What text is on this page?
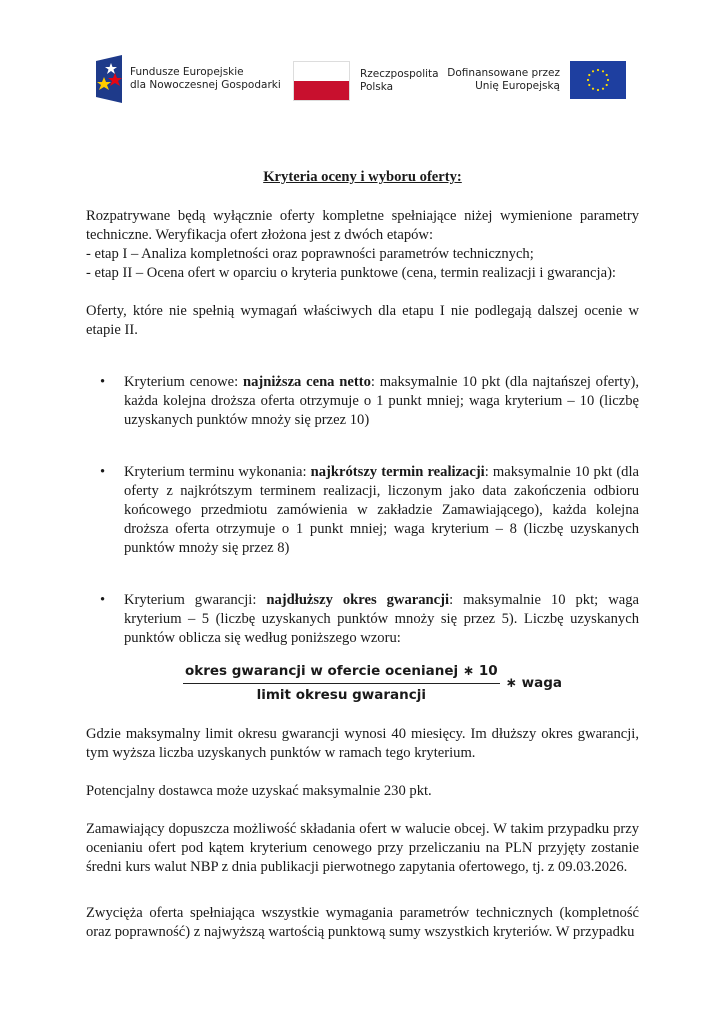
Fundusze Europejskie
dla Nowoczesnej Gospodarki
Rzeczpospolita
Polska
Dofinansowane przez
Unię Europejską
Kryteria oceny i wyboru oferty:

Rozpatrywane będą wyłącznie oferty kompletne spełniające niżej wymienione parametry techniczne. Weryfikacja ofert złożona jest z dwóch etapów:

- etap I – Analiza kompletności oraz poprawności parametrów technicznych;

- etap II – Ocena ofert w oparciu o kryteria punktowe (cena, termin realizacji i gwarancja):

Oferty, które nie spełnią wymagań właściwych dla etapu I nie podlegają dalszej ocenie w etapie II.

• Kryterium cenowe: najniższa cena netto: maksymalnie 10 pkt (dla najtańszej oferty), każda kolejna droższa oferta otrzymuje o 1 punkt mniej; waga kryterium – 10 (liczbę uzyskanych punktów mnoży się przez 10)
• Kryterium terminu wykonania: najkrótszy termin realizacji: maksymalnie 10 pkt (dla oferty z najkrótszym terminem realizacji, liczonym jako data zakończenia odbioru końcowego przedmiotu zamówienia w zakładzie Zamawiającego), każda kolejna droższa oferta otrzymuje o 1 punkt mniej; waga kryterium – 8 (liczbę uzyskanych punktów mnoży się przez 8)
• Kryterium gwarancji: najdłuższy okres gwarancji: maksymalnie 10 pkt; waga kryterium – 5 (liczbę uzyskanych punktów mnoży się przez 5). Liczbę uzyskanych punktów oblicza się według poniższego wzoru:
$\frac{\text{okres gwarancji w ofercie ocenianej ∗ 10}}{\text{limit okresu gwarancji}}$ ∗ waga

Gdzie maksymalny limit okresu gwarancji wynosi 40 miesięcy. Im dłuższy okres gwarancji, tym wyższa liczba uzyskanych punktów w ramach tego kryterium.

Potencjalny dostawca może uzyskać maksymalnie 230 pkt.

Zamawiający dopuszcza możliwość składania ofert w walucie obcej. W takim przypadku przy ocenianiu ofert pod kątem kryterium cenowego przy przeliczaniu na PLN przyjęty zostanie średni kurs walut NBP z dnia publikacji pierwotnego zapytania ofertowego, tj. z 09.03.2026.

Zwycięża oferta spełniająca wszystkie wymagania parametrów technicznych (kompletność oraz poprawność) z najwyższą wartością punktową sumy wszystkich kryteriów. W przypadku
